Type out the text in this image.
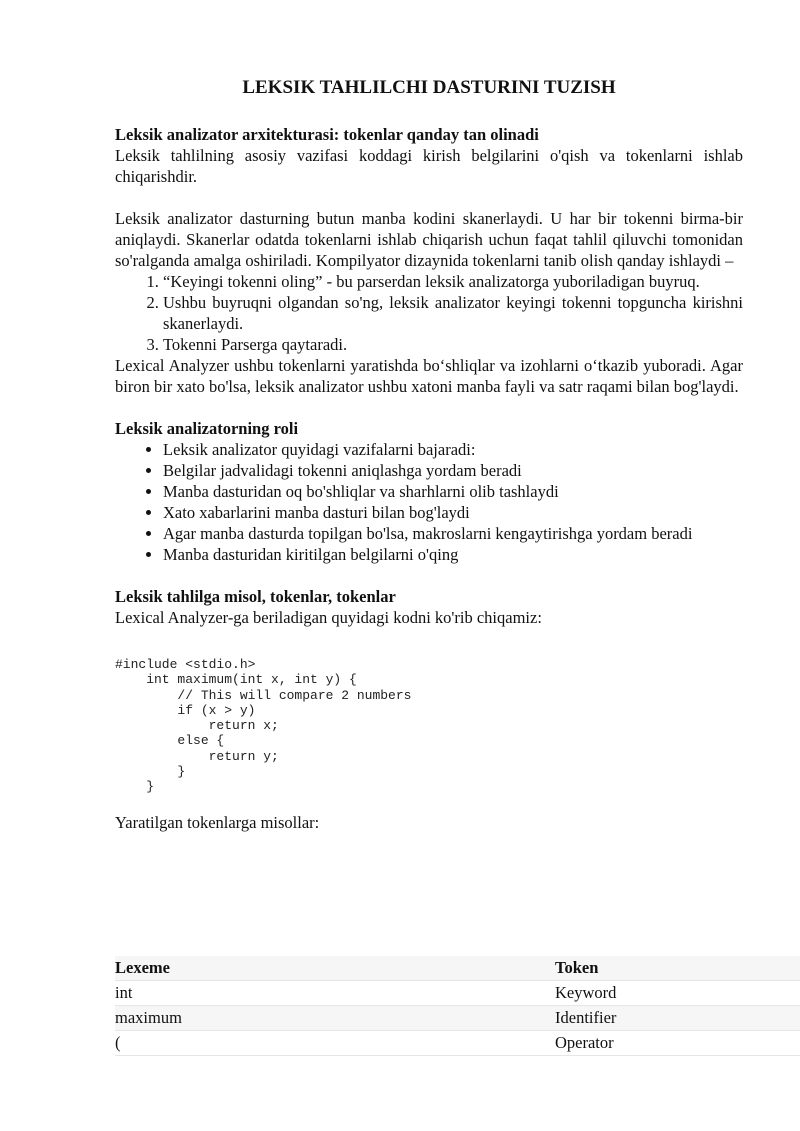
LEKSIK TAHLILCHI DASTURINI TUZISH
Leksik analizator arxitekturasi: tokenlar qanday tan olinadi

Leksik tahlilning asosiy vazifasi koddagi kirish belgilarini o'qish va tokenlarni ishlab chiqarishdir.

Leksik analizator dasturning butun manba kodini skanerlaydi. U har bir tokenni birma-bir aniqlaydi. Skanerlar odatda tokenlarni ishlab chiqarish uchun faqat tahlil qiluvchi tomonidan so'ralganda amalga oshiriladi. Kompilyator dizaynida tokenlarni tanib olish qanday ishlaydi –

1. “Keyingi tokenni oling” - bu parserdan leksik analizatorga yuboriladigan buyruq.
2. Ushbu buyruqni olgandan so'ng, leksik analizator keyingi tokenni topguncha kirishni skanerlaydi.
3. Tokenni Parserga qaytaradi.

Lexical Analyzer ushbu tokenlarni yaratishda bo‘shliqlar va izohlarni o‘tkazib yuboradi. Agar biron bir xato bo'lsa, leksik analizator ushbu xatoni manba fayli va satr raqami bilan bog'laydi.

Leksik analizatorning roli
• Leksik analizator quyidagi vazifalarni bajaradi:
• Belgilar jadvalidagi tokenni aniqlashga yordam beradi
• Manba dasturidan oq bo'shliqlar va sharhlarni olib tashlaydi
• Xato xabarlarini manba dasturi bilan bog'laydi
• Agar manba dasturda topilgan bo'lsa, makroslarni kengaytirishga yordam beradi
• Manba dasturidan kiritilgan belgilarni o'qing
Leksik tahlilga misol, tokenlar, tokenlar

Lexical Analyzer-ga beriladigan quyidagi kodni ko'rib chiqamiz:

#include <stdio.h>
int maximum(int x, int y) {
// This will compare 2 numbers
if (x > y)
return x;
else {
return y;
}
}

Yaratilgan tokenlarga misollar:

Lexeme	Token
int	Keyword
maximum	Identifier
(	Operator
